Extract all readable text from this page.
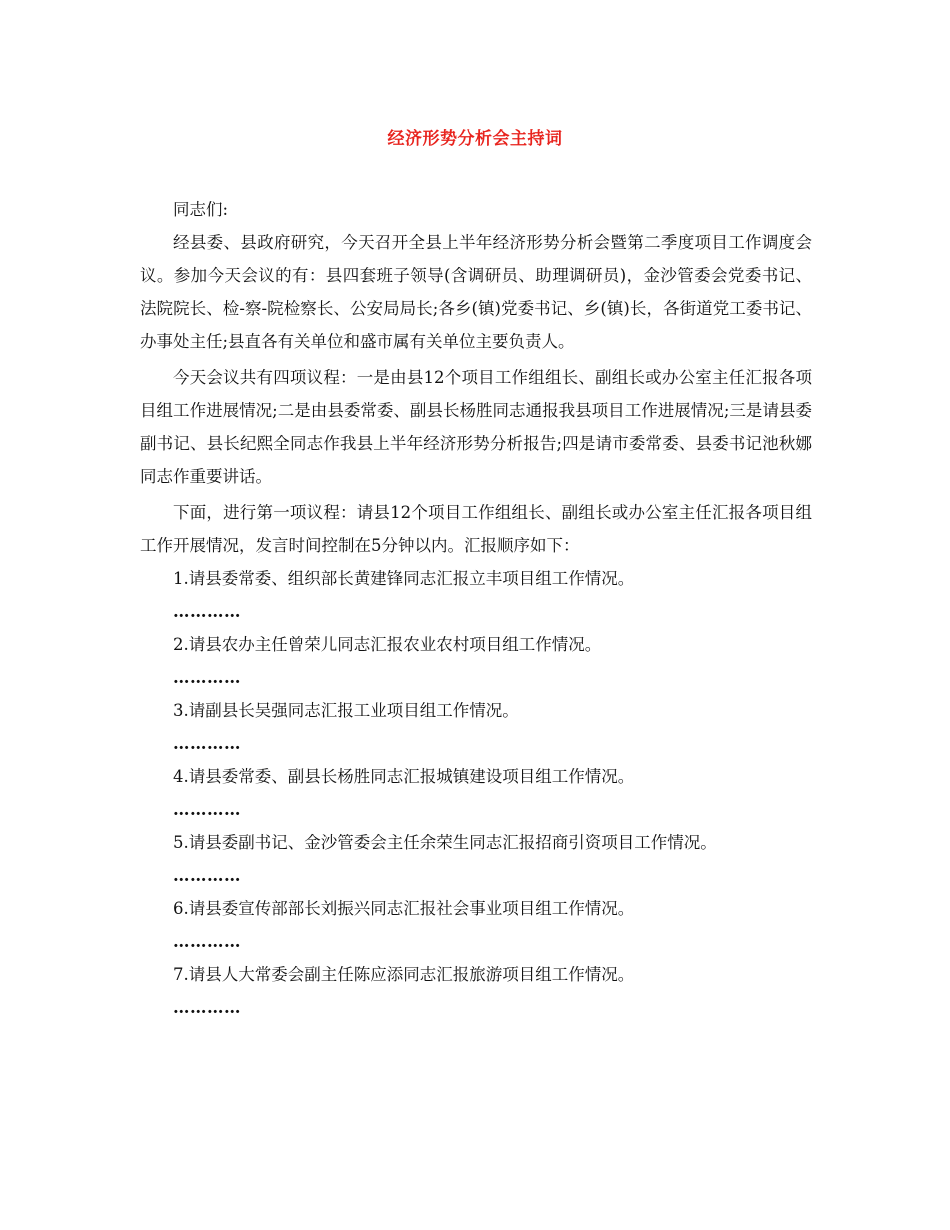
经济形势分析会主持词

同志们:

经县委、县政府研究，今天召开全县上半年经济形势分析会暨第二季度项目工作调度会议。参加今天会议的有：县四套班子领导(含调研员、助理调研员)，金沙管委会党委书记、法院院长、检-察-院检察长、公安局局长;各乡(镇)党委书记、乡(镇)长，各街道党工委书记、办事处主任;县直各有关单位和盛市属有关单位主要负责人。

今天会议共有四项议程：一是由县12个项目工作组组长、副组长或办公室主任汇报各项目组工作进展情况;二是由县委常委、副县长杨胜同志通报我县项目工作进展情况;三是请县委副书记、县长纪熙全同志作我县上半年经济形势分析报告;四是请市委常委、县委书记池秋娜同志作重要讲话。

下面，进行第一项议程：请县12个项目工作组组长、副组长或办公室主任汇报各项目组工作开展情况，发言时间控制在5分钟以内。汇报顺序如下：

1.请县委常委、组织部长黄建锋同志汇报立丰项目组工作情况。

…………

2.请县农办主任曾荣儿同志汇报农业农村项目组工作情况。

…………

3.请副县长吴强同志汇报工业项目组工作情况。

…………

4.请县委常委、副县长杨胜同志汇报城镇建设项目组工作情况。

…………

5.请县委副书记、金沙管委会主任余荣生同志汇报招商引资项目工作情况。

…………

6.请县委宣传部部长刘振兴同志汇报社会事业项目组工作情况。

…………

7.请县人大常委会副主任陈应添同志汇报旅游项目组工作情况。

…………
